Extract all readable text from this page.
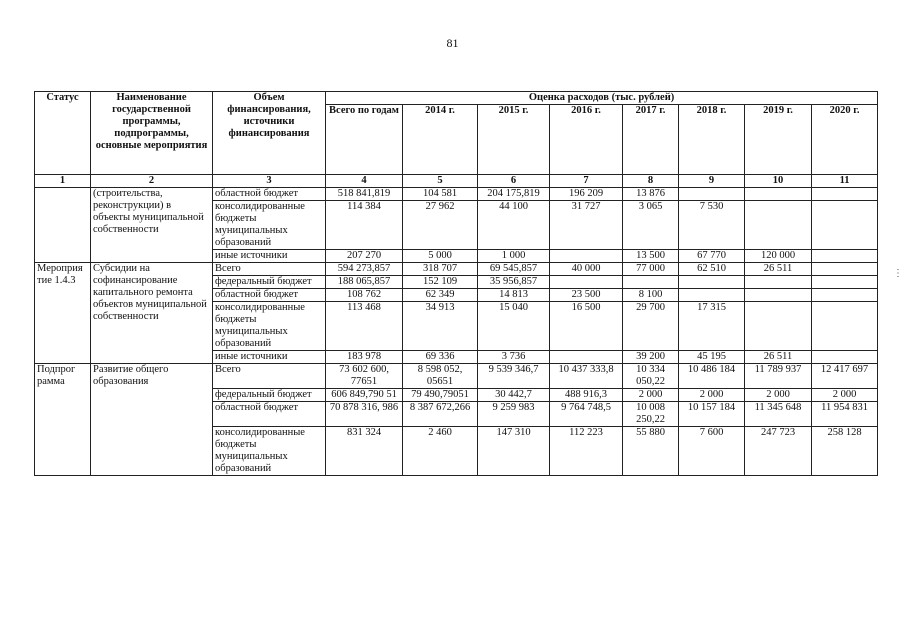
81
⋮
Статус	Наименование государственной программы, подпрограммы, основные мероприятия	Объем финансирования, источники финансирования	Оценка расходов (тыс. рублей)							
			Всего по годам	2014 г.	2015 г.	2016 г.	2017 г.	2018 г.	2019 г.	2020 г.
1	2	3	4	5	6	7	8	9	10	11
	(строительства, реконструкции) в объекты муниципальной собственности	областной бюджет	518 841,819	104 581	204 175,819	196 209	13 876			
		консолидированные бюджеты муниципальных образований	114 384	27 962	44 100	31 727	3 065	7 530		
		иные источники	207 270	5 000	1 000		13 500	67 770	120 000	
Мероприя тие 1.4.3	Субсидии на софинансирование капитального ремонта объектов муниципальной собственности	Всего	594 273,857	318 707	69 545,857	40 000	77 000	62 510	26 511	
		федеральный бюджет	188 065,857	152 109	35 956,857					
		областной бюджет	108 762	62 349	14 813	23 500	8 100			
		консолидированные бюджеты муниципальных образований	113 468	34 913	15 040	16 500	29 700	17 315		
		иные источники	183 978	69 336	3 736		39 200	45 195	26 511	
Подпрог рамма	Развитие общего образования	Всего	73 602 600, 77651	8 598 052, 05651	9 539 346,7	10 437 333,8	10 334 050,22	10 486 184	11 789 937	12 417 697
		федеральный бюджет	606 849,790 51	79 490,79051	30 442,7	488 916,3	2 000	2 000	2 000	2 000
		областной бюджет	70 878 316, 986	8 387 672,266	9 259 983	9 764 748,5	10 008 250,22	10 157 184	11 345 648	11 954 831
		консолидированные бюджеты муниципальных образований	831 324	2 460	147 310	112 223	55 880	7 600	247 723	258 128
